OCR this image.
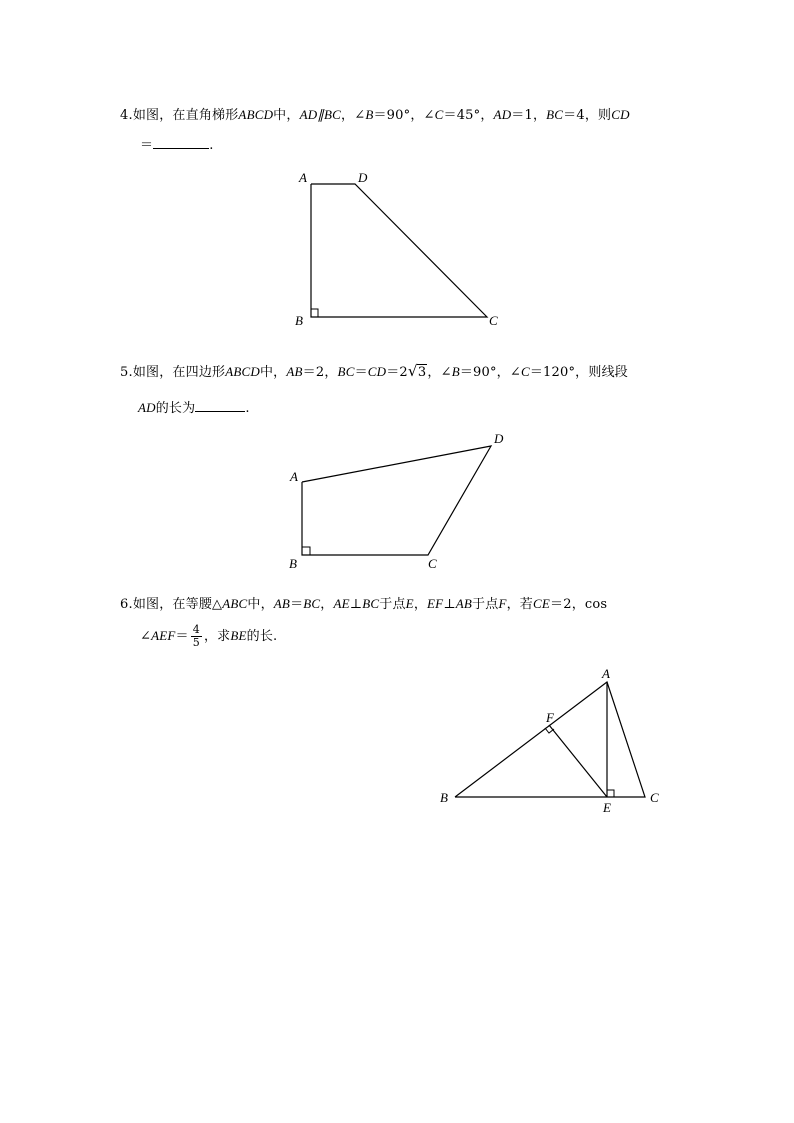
4.如图，在直角梯形ABCD中，AD∥BC，∠B＝90°，∠C＝45°，AD＝1，BC＝4，则CD
＝	.
5.如图，在四边形ABCD中，AB＝2，BC＝CD＝2 √ 3，∠B＝90°，∠C＝120°，则线段
AD的长为	.
6.如图，在等腰△ABC中，AB＝BC，AE⊥BC于点E，EF⊥AB于点F，若CE＝2，cos
∠AEF＝ $\frac{4}{5}$ ，求BE的长.
A	D
B	C
A
D
B	C
A
F
B
E
C
